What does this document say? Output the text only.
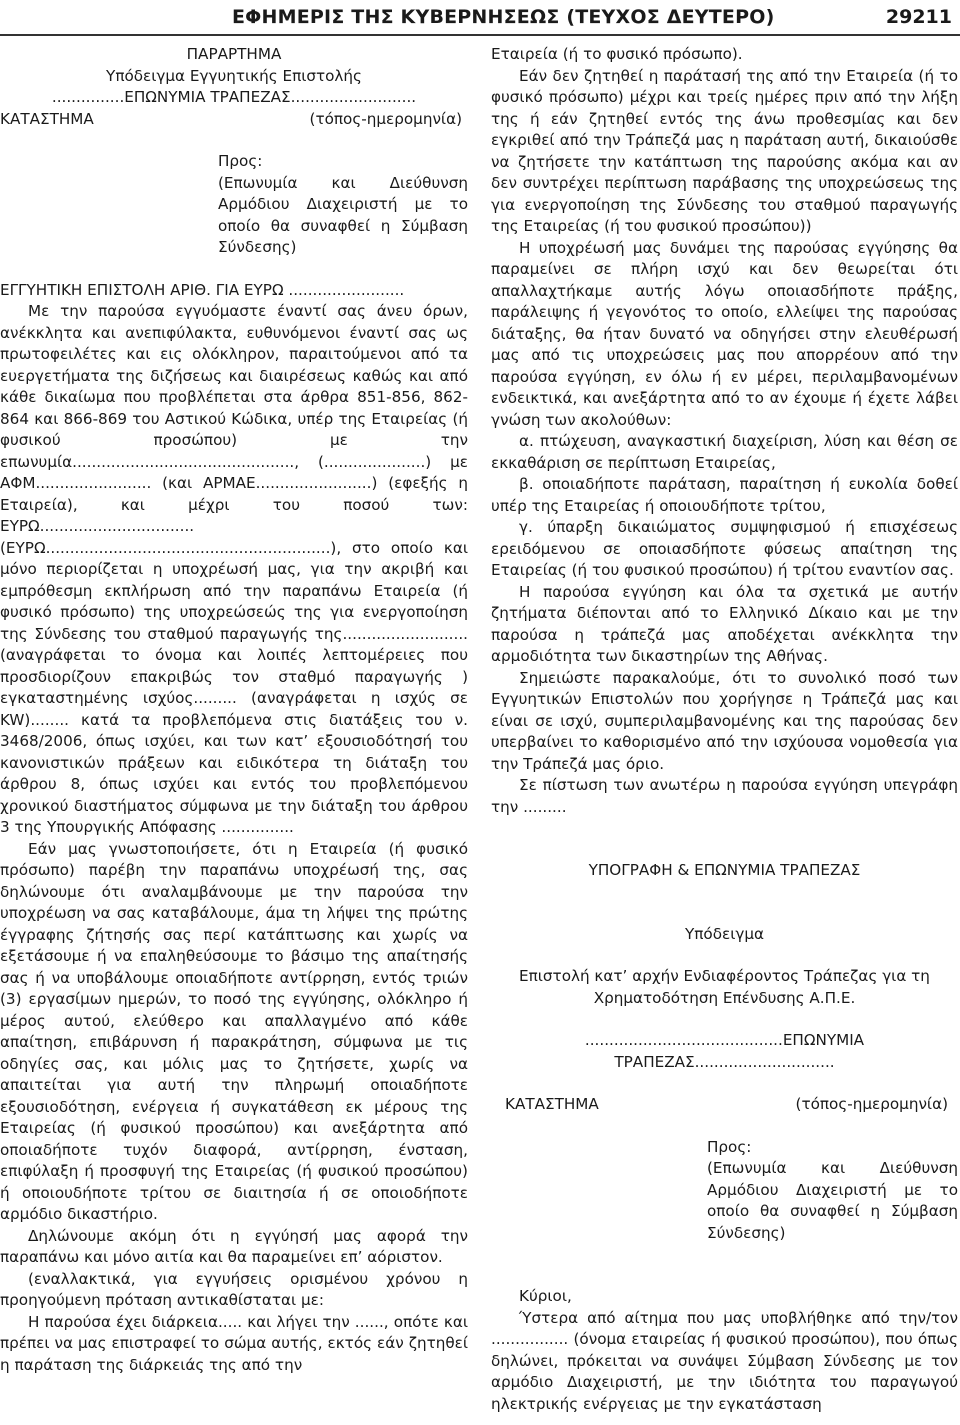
ΕΦΗΜΕΡΙΣ ΤΗΣ ΚΥΒΕΡΝΗΣΕΩΣ (ΤΕΥΧΟΣ ΔΕΥΤΕΡΟ)	29211

ΠΑΡΑΡΤΗΜΑ

Υπόδειγμα Εγγυητικής Επιστολής

...............ΕΠΩΝΥΜΙΑ ΤΡΑΠΕΖΑΣ..........................

ΚΑΤΑΣΤΗΜΑ	(τόπος-ημερομηνία)

Προς:

(Επωνυμία και Διεύθυνση Αρμόδιου Διαχειριστή με το οποίο θα συναφθεί η Σύμβαση Σύνδεσης)

ΕΓΓΥΗΤΙΚΗ ΕΠΙΣΤΟΛΗ ΑΡΙΘ. ΓΙΑ ΕΥΡΩ ........................

Με την παρούσα εγγυόμαστε έναντί σας άνευ όρων, ανέκκλητα και ανεπιφύλακτα, ευθυνόμενοι έναντί σας ως πρωτοφειλέτες και εις ολόκληρον, παραιτούμενοι από τα ευεργετήματα της διζήσεως και διαιρέσεως καθώς και από κάθε δικαίωμα που προβλέπεται στα άρθρα 851-856, 862-864 και 866-869 του Αστικού Κώδικα, υπέρ της Εταιρείας (ή φυσικού προσώπου) με την επωνυμία.............................................., (.....................) με ΑΦΜ........................ (και ΑΡΜΑΕ........................) (εφεξής η Εταιρεία), και μέχρι του ποσού των: ΕΥΡΩ................................ (ΕΥΡΩ...........................................................), στο οποίο και μόνο περιορίζεται η υποχρέωσή μας, για την ακριβή και εμπρόθεσμη εκπλήρωση από την παραπάνω Εταιρεία (ή φυσικό πρόσωπο) της υποχρεώσεώς της για ενεργοποίηση της Σύνδεσης του σταθμού παραγωγής της..........................(αναγράφεται το όνομα και λοιπές λεπτομέρειες που προσδιορίζουν επακριβώς τον σταθμό παραγωγής ) εγκαταστημένης ισχύος......... (αναγράφεται η ισχύς σε KW)........ κατά τα προβλεπόμενα στις διατάξεις του ν. 3468/2006, όπως ισχύει, και των κατ’ εξουσιοδότησή του κανονιστικών πράξεων και ειδικότερα τη διάταξη του άρθρου 8, όπως ισχύει και εντός του προβλεπόμενου χρονικού διαστήματος σύμφωνα με την διάταξη του άρθρου 3 της Υπουργικής Απόφασης ...............

Εάν μας γνωστοποιήσετε, ότι η Εταιρεία (ή φυσικό πρόσωπο) παρέβη την παραπάνω υποχρέωσή της, σας δηλώνουμε ότι αναλαμβάνουμε με την παρούσα την υποχρέωση να σας καταβάλουμε, άμα τη λήψει της πρώτης έγγραφης ζήτησής σας περί κατάπτωσης και χωρίς να εξετάσουμε ή να επαληθεύσουμε το βάσιμο της απαίτησής σας ή να υποβάλουμε οποιαδήποτε αντίρρηση, εντός τριών (3) εργασίμων ημερών, το ποσό της εγγύησης, ολόκληρο ή μέρος αυτού, ελεύθερο και απαλλαγμένο από κάθε απαίτηση, επιβάρυνση ή παρακράτηση, σύμφωνα με τις οδηγίες σας, και μόλις μας το ζητήσετε, χωρίς να απαιτείται για αυτή την πληρωμή οποιαδήποτε εξουσιοδότηση, ενέργεια ή συγκατάθεση εκ μέρους της Εταιρείας (ή φυσικού προσώπου) και ανεξάρτητα από οποιαδήποτε τυχόν διαφορά, αντίρρηση, ένσταση, επιφύλαξη ή προσφυγή της Εταιρείας (ή φυσικού προσώπου) ή οποιουδήποτε τρίτου σε διαιτησία ή σε οποιοδήποτε αρμόδιο δικαστήριο.

Δηλώνουμε ακόμη ότι η εγγύησή μας αφορά την παραπάνω και μόνο αιτία και θα παραμείνει επ’ αόριστον.

(εναλλακτικά, για εγγυήσεις ορισμένου χρόνου η προηγούμενη πρόταση αντικαθίσταται με:

Η παρούσα έχει διάρκεια..... και λήγει την ......, οπότε και πρέπει να μας επιστραφεί το σώμα αυτής, εκτός εάν ζητηθεί η παράταση της διάρκειάς της από την

Εταιρεία (ή το φυσικό πρόσωπο).

Εάν δεν ζητηθεί η παράτασή της από την Εταιρεία (ή το φυσικό πρόσωπο) μέχρι και τρείς ημέρες πριν από την λήξη της ή εάν ζητηθεί εντός της άνω προθεσμίας και δεν εγκριθεί από την Τράπεζά μας η παράταση αυτή, δικαιούσθε να ζητήσετε την κατάπτωση της παρούσης ακόμα και αν δεν συντρέχει περίπτωση παράβασης της υποχρεώσεως της για ενεργοποίηση της Σύνδεσης του σταθμού παραγωγής της Εταιρείας (ή του φυσικού προσώπου))

Η υποχρέωσή μας δυνάμει της παρούσας εγγύησης θα παραμείνει σε πλήρη ισχύ και δεν θεωρείται ότι απαλλαχτήκαμε αυτής λόγω οποιασδήποτε πράξης, παράλειψης ή γεγονότος το οποίο, ελλείψει της παρούσας διάταξης, θα ήταν δυνατό να οδηγήσει στην ελευθέρωσή μας από τις υποχρεώσεις μας που απορρέουν από την παρούσα εγγύηση, εν όλω ή εν μέρει, περιλαμβανομένων ενδεικτικά, και ανεξάρτητα από το αν έχουμε ή έχετε λάβει γνώση των ακολούθων:

α. πτώχευση, αναγκαστική διαχείριση, λύση και θέση σε εκκαθάριση σε περίπτωση Εταιρείας,

β. οποιαδήποτε παράταση, παραίτηση ή ευκολία δοθεί υπέρ της Εταιρείας ή οποιουδήποτε τρίτου,

γ. ύπαρξη δικαιώματος συμψηφισμού ή επισχέσεως ερειδόμενου σε οποιασδήποτε φύσεως απαίτηση της Εταιρείας (ή του φυσικού προσώπου) ή τρίτου εναντίον σας.

Η παρούσα εγγύηση και όλα τα σχετικά με αυτήν ζητήματα διέπονται από το Ελληνικό Δίκαιο και με την παρούσα η τράπεζά μας αποδέχεται ανέκκλητα την αρμοδιότητα των δικαστηρίων της Αθήνας.

Σημειώστε παρακαλούμε, ότι το συνολικό ποσό των Εγγυητικών Επιστολών που χορήγησε η Τράπεζά μας και είναι σε ισχύ, συμπεριλαμβανομένης και της παρούσας δεν υπερβαίνει το καθορισμένο από την ισχύουσα νομοθεσία για την Τράπεζά μας όριο.

Σε πίστωση των ανωτέρω η παρούσα εγγύηση υπεγράφη την .........

ΥΠΟΓΡΑΦΗ & ΕΠΩΝΥΜΙΑ ΤΡΑΠΕΖΑΣ

Υπόδειγμα

Επιστολή κατ’ αρχήν Ενδιαφέροντος Τράπεζας για τη Χρηματοδότηση Επένδυσης Α.Π.Ε.

.........................................ΕΠΩΝΥΜΙΑ ΤΡΑΠΕΖΑΣ.............................

ΚΑΤΑΣΤΗΜΑ	(τόπος-ημερομηνία)

Προς:

(Επωνυμία και Διεύθυνση Αρμόδιου Διαχειριστή με το οποίο θα συναφθεί η Σύμβαση Σύνδεσης)

Κύριοι,

Ύστερα από αίτημα που μας υποβλήθηκε από την/τον ................ (όνομα εταιρείας ή φυσικού προσώπου), που όπως δηλώνει, πρόκειται να συνάψει Σύμβαση Σύνδεσης με τον αρμόδιο Διαχειριστή, με την ιδιότητα του παραγωγού ηλεκτρικής ενέργειας με την εγκατάσταση
